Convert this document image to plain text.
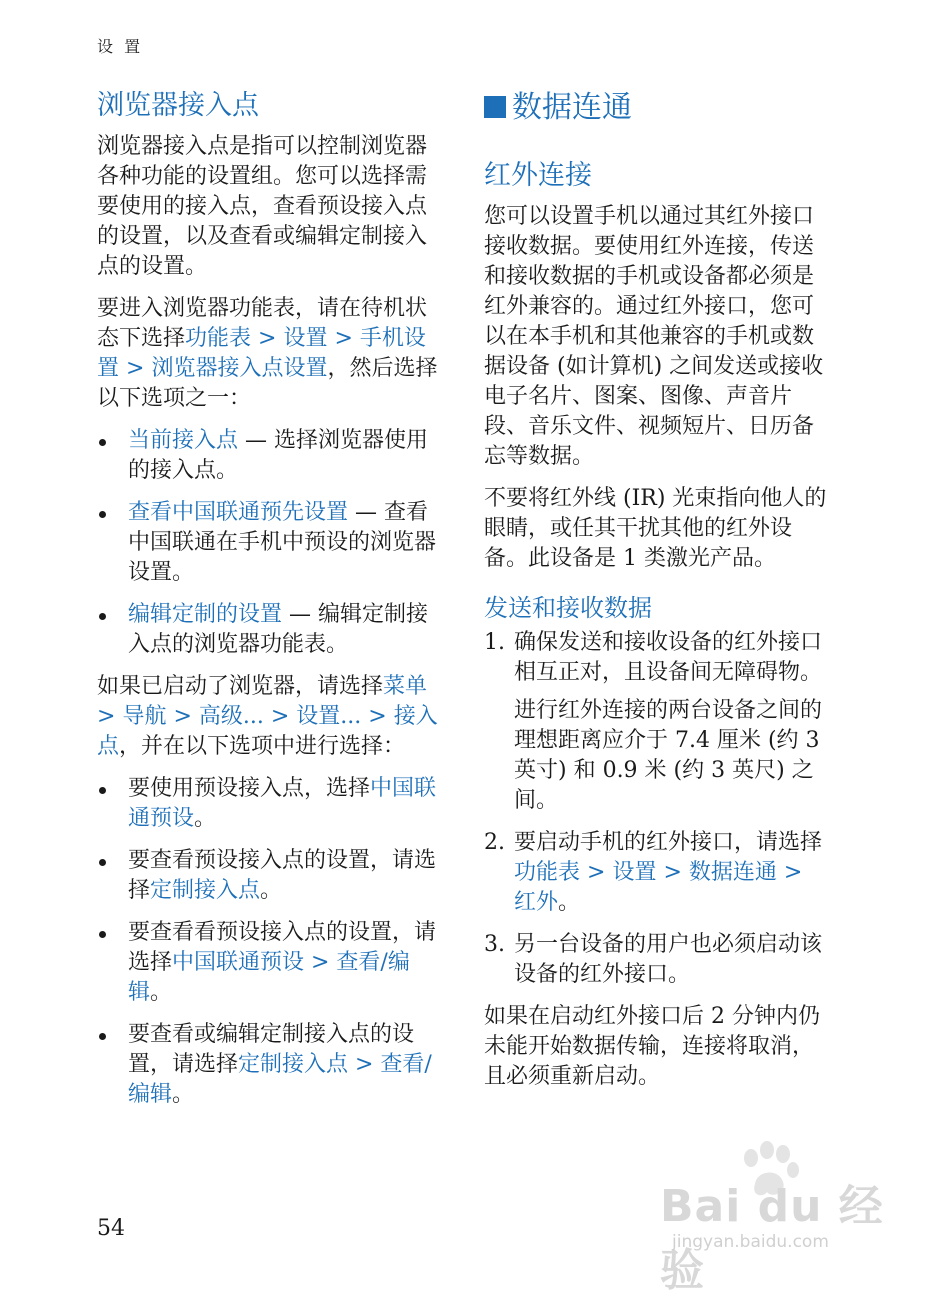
设 置
浏览器接入点

浏览器接入点是指可以控制浏览器各种功能的设置组。您可以选择需要使用的接入点，查看预设接入点的设置，以及查看或编辑定制接入点的设置。

要进入浏览器功能表，请在待机状态下选择功能表 > 设置 > 手机设置 > 浏览器接入点设置，然后选择以下选项之一：

当前接入点 — 选择浏览器使用的接入点。
查看中国联通预先设置 — 查看中国联通在手机中预设的浏览器设置。
编辑定制的设置 — 编辑定制接入点的浏览器功能表。

如果已启动了浏览器，请选择菜单 > 导航 > 高级... > 设置... > 接入点，并在以下选项中进行选择：

要使用预设接入点，选择中国联通预设。
要查看预设接入点的设置，请选择定制接入点。
要查看看预设接入点的设置，请选择中国联通预设 > 查看/编辑。
要查看或编辑定制接入点的设置，请选择定制接入点 > 查看/编辑。
数据连通
红外连接

您可以设置手机以通过其红外接口接收数据。要使用红外连接，传送和接收数据的手机或设备都必须是红外兼容的。通过红外接口，您可以在本手机和其他兼容的手机或数据设备 (如计算机) 之间发送或接收电子名片、图案、图像、声音片段、音乐文件、视频短片、日历备忘等数据。

不要将红外线 (IR) 光束指向他人的眼睛，或任其干扰其他的红外设备。此设备是 1 类激光产品。

发送和接收数据
1. 确保发送和接收设备的红外接口相互正对，且设备间无障碍物。

进行红外连接的两台设备之间的理想距离应介于 7.4 厘米 (约 3 英寸) 和 0.9 米 (约 3 英尺) 之间。

2. 要启动手机的红外接口，请选择功能表 > 设置 > 数据连通 > 红外。

3. 另一台设备的用户也必须启动该设备的红外接口。

如果在启动红外接口后 2 分钟内仍未能开始数据传输，连接将取消，且必须重新启动。

54	Bai du 经验
jingyan.baidu.com
